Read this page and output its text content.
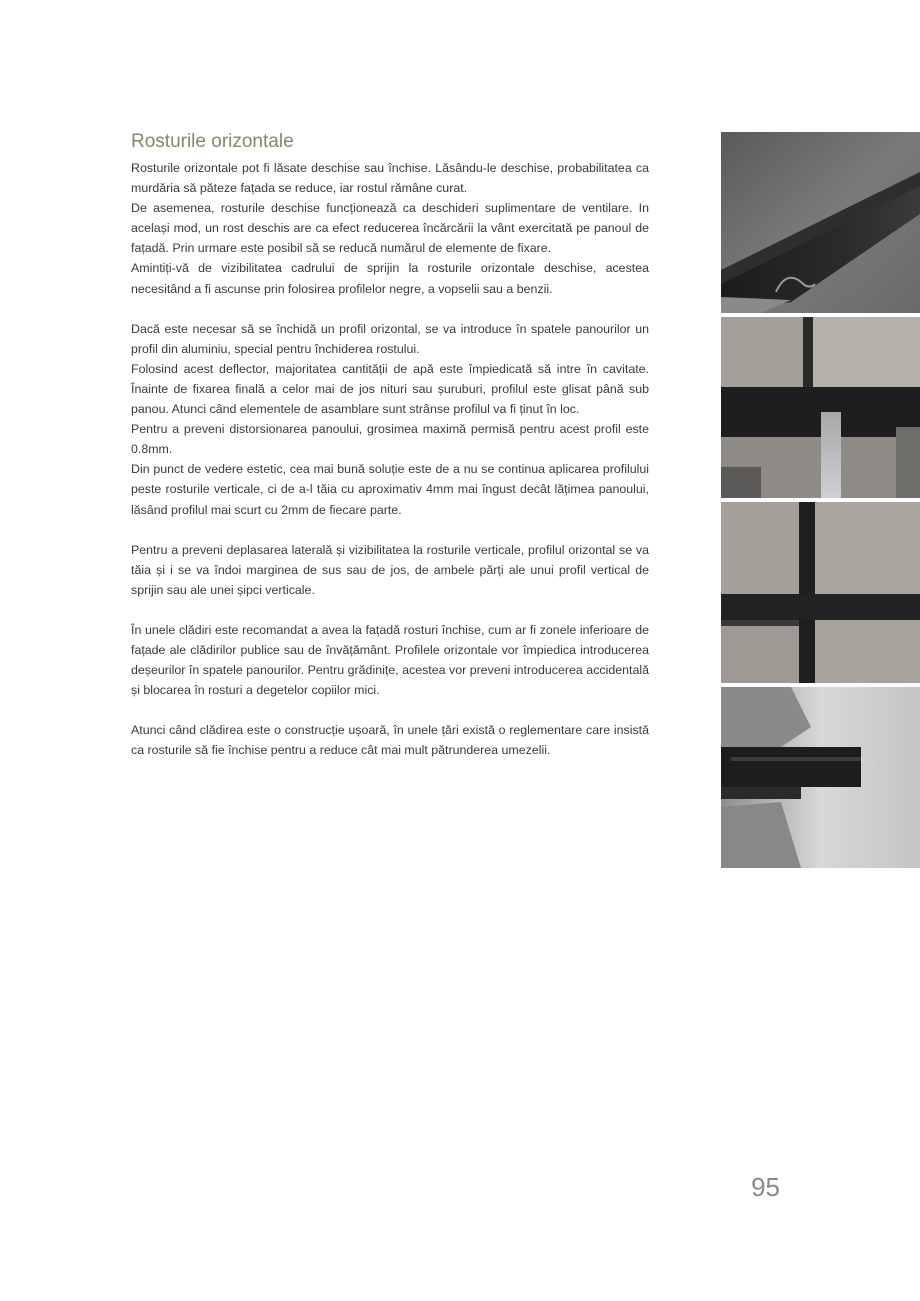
Rosturile orizontale
Rosturile orizontale pot fi lăsate deschise sau închise. Lăsându-le deschise, probabilitatea ca murdăria să păteze fațada se reduce, iar rostul rămâne curat.
De asemenea, rosturile deschise funcționează ca deschideri suplimentare de ventilare. In același mod, un rost deschis are ca efect reducerea încărcării la vânt exercitată pe panoul de fațadă. Prin urmare este posibil să se reducă numărul de elemente de fixare.
Amintiți-vă de vizibilitatea cadrului de sprijin la rosturile orizontale deschise, acestea necesitând a fi ascunse prin folosirea profilelor negre, a vopselii sau a benzii.
Dacă este necesar să se închidă un profil orizontal, se va introduce în spatele panourilor un profil din aluminiu, special pentru închiderea rostului.
Folosind acest deflector, majoritatea cantității de apă este împiedicată să intre în cavitate. Înainte de fixarea finală a celor mai de jos nituri sau șuruburi, profilul este glisat până sub panou. Atunci când elementele de asamblare sunt strânse profilul va fi ținut în loc.
Pentru a preveni distorsionarea panoului, grosimea maximă permisă pentru acest profil este 0.8mm.
Din punct de vedere estetic, cea mai bună soluție este de a nu se continua aplicarea profilului peste rosturile verticale, ci de a-l tăia cu aproximativ 4mm mai îngust decât lățimea panoului, lăsând profilul mai scurt cu 2mm de fiecare parte.
Pentru a preveni deplasarea laterală și vizibilitatea la rosturile verticale, profilul orizontal se va tăia și i se va îndoi marginea de sus sau de jos, de ambele părți ale unui profil vertical de sprijin sau ale unei șipci verticale.
În unele clădiri este recomandat a avea la fațadă rosturi închise, cum ar fi zonele inferioare de fațade ale clădirilor publice sau de învățământ. Profilele orizontale vor împiedica introducerea deșeurilor în spatele panourilor. Pentru grădinițe, acestea vor preveni introducerea accidentală și blocarea în rosturi a degetelor copiilor mici.
Atunci când clădirea este o construcție ușoară, în unele țări există o reglementare care insistă ca rosturile să fie închise pentru a reduce cât mai mult pătrunderea umezelii.
95
